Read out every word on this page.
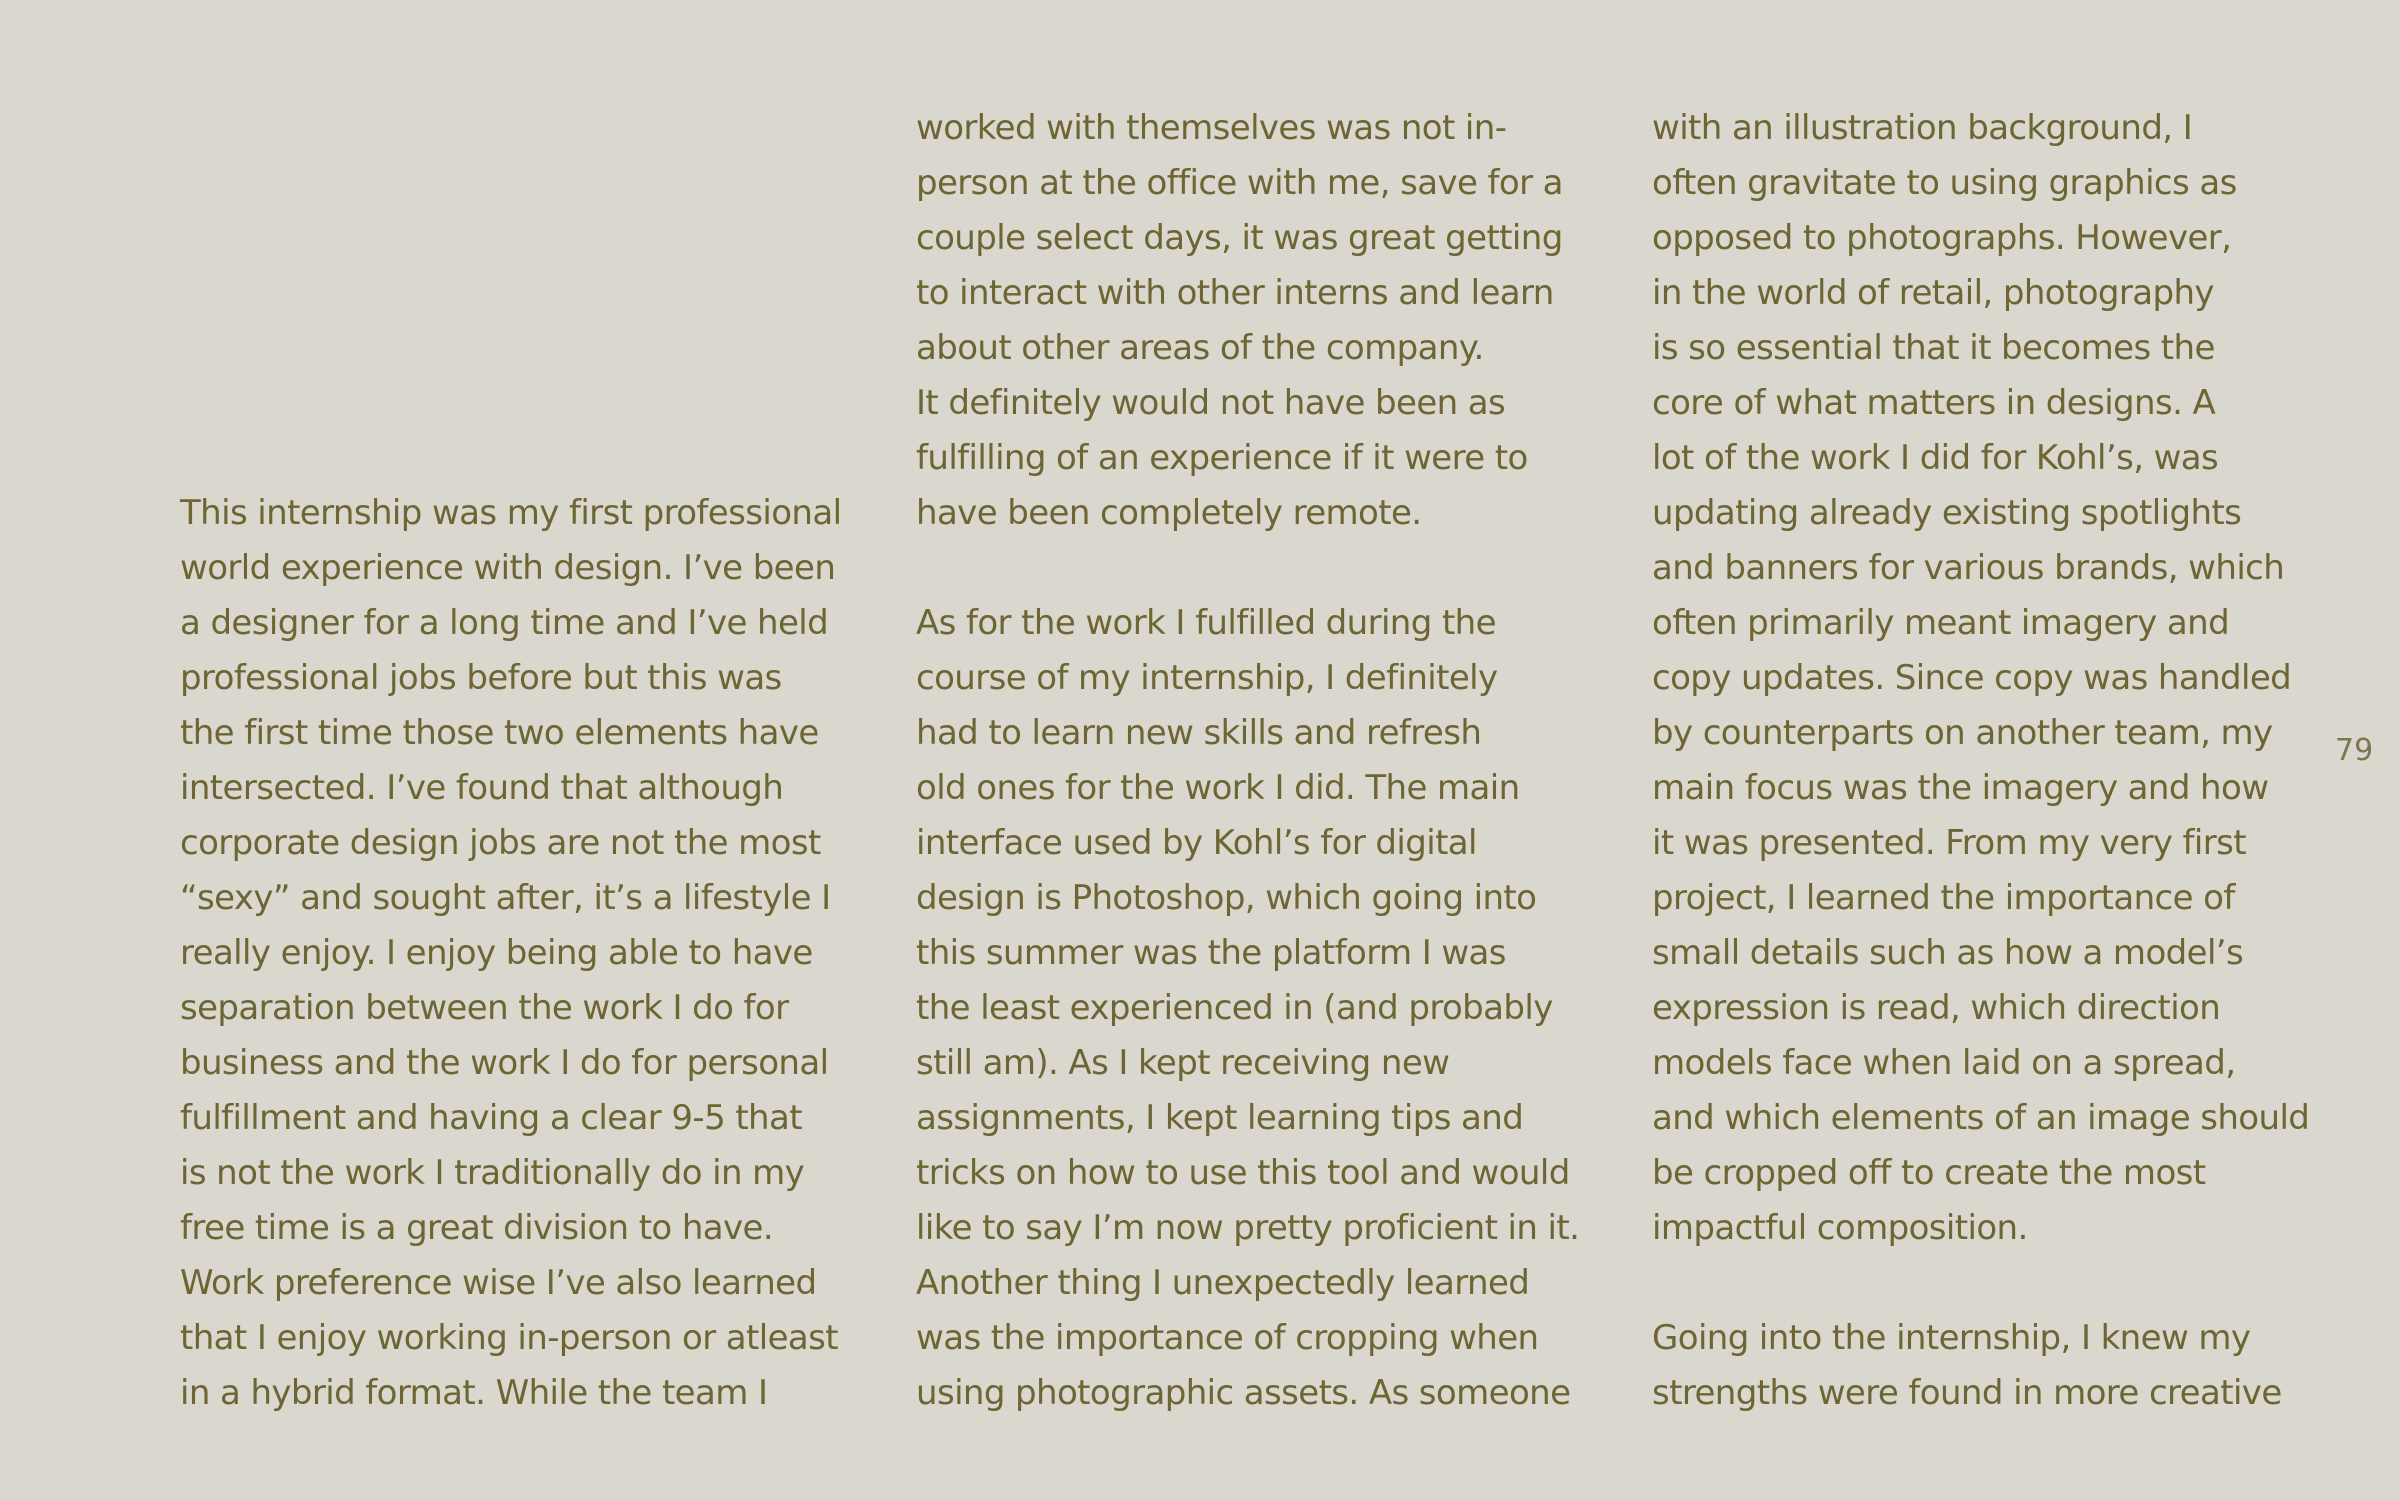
This internship was my first professional
world experience with design. I’ve been
a designer for a long time and I’ve held
professional jobs before but this was
the first time those two elements have
intersected. I’ve found that although
corporate design jobs are not the most
“sexy” and sought after, it’s a lifestyle I
really enjoy. I enjoy being able to have
separation between the work I do for
business and the work I do for personal
fulfillment and having a clear 9-5 that
is not the work I traditionally do in my
free time is a great division to have.
Work preference wise I’ve also learned
that I enjoy working in-person or atleast
in a hybrid format. While the team I
worked with themselves was not in-
person at the office with me, save for a
couple select days, it was great getting
to interact with other interns and learn
about other areas of the company.
It definitely would not have been as
fulfilling of an experience if it were to
have been completely remote.
As for the work I fulfilled during the
course of my internship, I definitely
had to learn new skills and refresh
old ones for the work I did. The main
interface used by Kohl’s for digital
design is Photoshop, which going into
this summer was the platform I was
the least experienced in (and probably
still am). As I kept receiving new
assignments, I kept learning tips and
tricks on how to use this tool and would
like to say I’m now pretty proficient in it.
Another thing I unexpectedly learned
was the importance of cropping when
using photographic assets. As someone
with an illustration background, I
often gravitate to using graphics as
opposed to photographs. However,
in the world of retail, photography
is so essential that it becomes the
core of what matters in designs. A
lot of the work I did for Kohl’s, was
updating already existing spotlights
and banners for various brands, which
often primarily meant imagery and
copy updates. Since copy was handled
by counterparts on another team, my
main focus was the imagery and how
it was presented. From my very first
project, I learned the importance of
small details such as how a model’s
expression is read, which direction
models face when laid on a spread,
and which elements of an image should
be cropped off to create the most
impactful composition.
Going into the internship, I knew my
strengths were found in more creative
79
